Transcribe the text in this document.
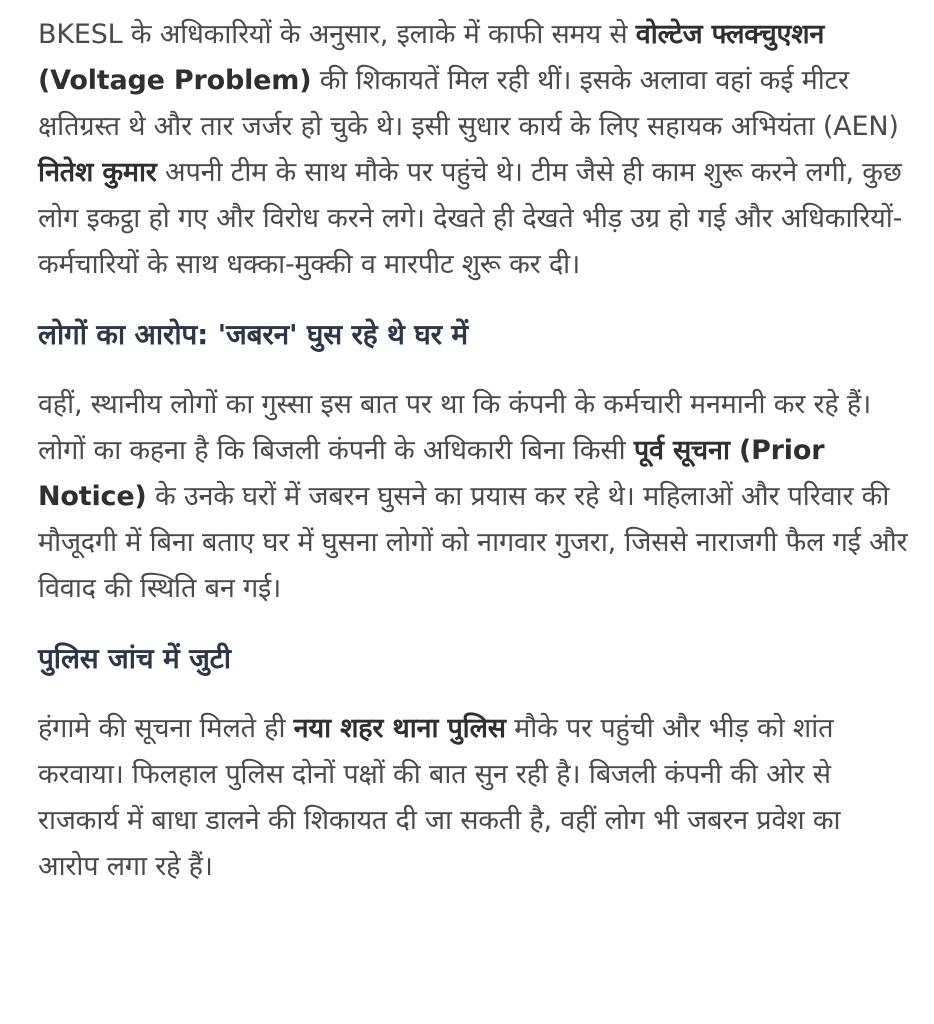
BKESL के अधिकारियों के अनुसार, इलाके में काफी समय से वोल्टेज फ्लक्चुएशन (Voltage Problem) की शिकायतें मिल रही थीं। इसके अलावा वहां कई मीटर क्षतिग्रस्त थे और तार जर्जर हो चुके थे। इसी सुधार कार्य के लिए सहायक अभियंता (AEN) नितेश कुमार अपनी टीम के साथ मौके पर पहुंचे थे। टीम जैसे ही काम शुरू करने लगी, कुछ लोग इकट्ठा हो गए और विरोध करने लगे। देखते ही देखते भीड़ उग्र हो गई और अधिकारियों-कर्मचारियों के साथ धक्का-मुक्की व मारपीट शुरू कर दी।

लोगों का आरोप: 'जबरन' घुस रहे थे घर में

वहीं, स्थानीय लोगों का गुस्सा इस बात पर था कि कंपनी के कर्मचारी मनमानी कर रहे हैं। लोगों का कहना है कि बिजली कंपनी के अधिकारी बिना किसी पूर्व सूचना (Prior Notice) के उनके घरों में जबरन घुसने का प्रयास कर रहे थे। महिलाओं और परिवार की मौजूदगी में बिना बताए घर में घुसना लोगों को नागवार गुजरा, जिससे नाराजगी फैल गई और विवाद की स्थिति बन गई।

पुलिस जांच में जुटी

हंगामे की सूचना मिलते ही नया शहर थाना पुलिस मौके पर पहुंची और भीड़ को शांत करवाया। फिलहाल पुलिस दोनों पक्षों की बात सुन रही है। बिजली कंपनी की ओर से राजकार्य में बाधा डालने की शिकायत दी जा सकती है, वहीं लोग भी जबरन प्रवेश का आरोप लगा रहे हैं।
